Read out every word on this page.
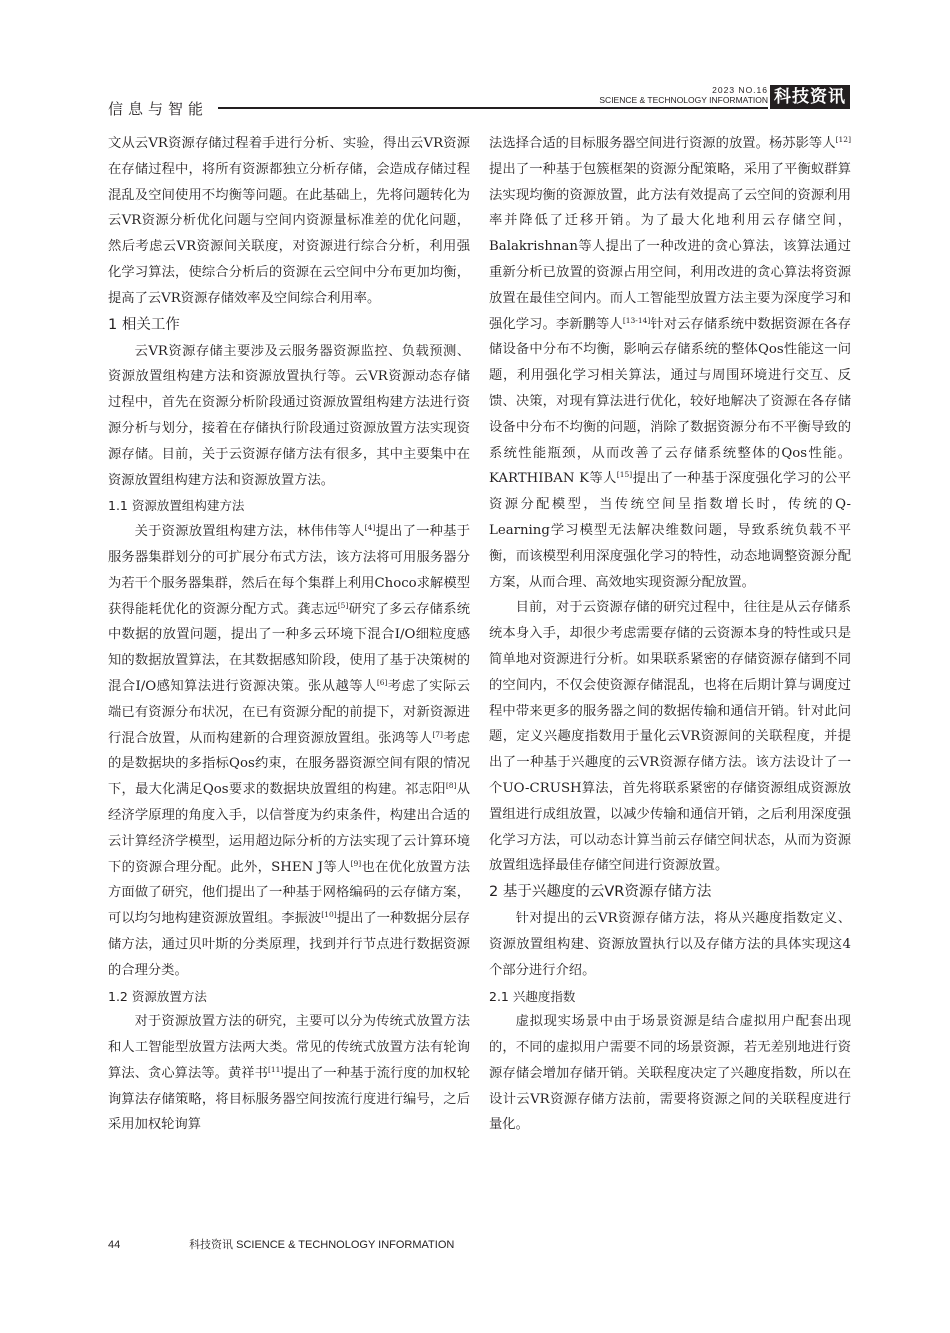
信息与智能
2023 NO.16
SCIENCE & TECHNOLOGY INFORMATION 科技资讯

文从云VR资源存储过程着手进行分析、实验，得出云VR资源在存储过程中，将所有资源都独立分析存储，会造成存储过程混乱及空间使用不均衡等问题。在此基础上，先将问题转化为云VR资源分析优化问题与空间内资源量标准差的优化问题，然后考虑云VR资源间关联度，对资源进行综合分析，利用强化学习算法，使综合分析后的资源在云空间中分布更加均衡，提高了云VR资源存储效率及空间综合利用率。

1 相关工作

云VR资源存储主要涉及云服务器资源监控、负载预测、资源放置组构建方法和资源放置执行等。云VR资源动态存储过程中，首先在资源分析阶段通过资源放置组构建方法进行资源分析与划分，接着在存储执行阶段通过资源放置方法实现资源存储。目前，关于云资源存储方法有很多，其中主要集中在资源放置组构建方法和资源放置方法。

1.1 资源放置组构建方法

关于资源放置组构建方法，林伟伟等人[4]提出了一种基于服务器集群划分的可扩展分布式方法，该方法将可用服务器分为若干个服务器集群，然后在每个集群上利用Choco求解模型获得能耗优化的资源分配方式。龚志远[5]研究了多云存储系统中数据的放置问题，提出了一种多云环境下混合I/O细粒度感知的数据放置算法，在其数据感知阶段，使用了基于决策树的混合I/O感知算法进行资源决策。张从越等人[6]考虑了实际云端已有资源分布状况，在已有资源分配的前提下，对新资源进行混合放置，从而构建新的合理资源放置组。张鸿等人[7]考虑的是数据块的多指标Qos约束，在服务器资源空间有限的情况下，最大化满足Qos要求的数据块放置组的构建。祁志阳[8]从经济学原理的角度入手，以信誉度为约束条件，构建出合适的云计算经济学模型，运用超边际分析的方法实现了云计算环境下的资源合理分配。此外，SHEN J等人[9]也在优化放置方法方面做了研究，他们提出了一种基于网格编码的云存储方案，可以均匀地构建资源放置组。李振波[10]提出了一种数据分层存储方法，通过贝叶斯的分类原理，找到并行节点进行数据资源的合理分类。

1.2 资源放置方法

对于资源放置方法的研究，主要可以分为传统式放置方法和人工智能型放置方法两大类。常见的传统式放置方法有轮询算法、贪心算法等。黄祥书[11]提出了一种基于流行度的加权轮询算法存储策略，将目标服务器空间按流行度进行编号，之后采用加权轮询算

法选择合适的目标服务器空间进行资源的放置。杨苏影等人[12]提出了一种基于包簇框架的资源分配策略，采用了平衡蚁群算法实现均衡的资源放置，此方法有效提高了云空间的资源利用率并降低了迁移开销。为了最大化地利用云存储空间，Balakrishnan等人提出了一种改进的贪心算法，该算法通过重新分析已放置的资源占用空间，利用改进的贪心算法将资源放置在最佳空间内。而人工智能型放置方法主要为深度学习和强化学习。李新鹏等人[13-14]针对云存储系统中数据资源在各存储设备中分布不均衡，影响云存储系统的整体Qos性能这一问题，利用强化学习相关算法，通过与周围环境进行交互、反馈、决策，对现有算法进行优化，较好地解决了资源在各存储设备中分布不均衡的问题，消除了数据资源分布不平衡导致的系统性能瓶颈，从而改善了云存储系统整体的Qos性能。KARTHIBAN K等人[15]提出了一种基于深度强化学习的公平资源分配模型，当传统空间呈指数增长时，传统的Q-Learning学习模型无法解决维数问题，导致系统负载不平衡，而该模型利用深度强化学习的特性，动态地调整资源分配方案，从而合理、高效地实现资源分配放置。

目前，对于云资源存储的研究过程中，往往是从云存储系统本身入手，却很少考虑需要存储的云资源本身的特性或只是简单地对资源进行分析。如果联系紧密的存储资源存储到不同的空间内，不仅会使资源存储混乱，也将在后期计算与调度过程中带来更多的服务器之间的数据传输和通信开销。针对此问题，定义兴趣度指数用于量化云VR资源间的关联程度，并提出了一种基于兴趣度的云VR资源存储方法。该方法设计了一个UO-CRUSH算法，首先将联系紧密的存储资源组成资源放置组进行成组放置，以减少传输和通信开销，之后利用深度强化学习方法，可以动态计算当前云存储空间状态，从而为资源放置组选择最佳存储空间进行资源放置。

2 基于兴趣度的云VR资源存储方法

针对提出的云VR资源存储方法，将从兴趣度指数定义、资源放置组构建、资源放置执行以及存储方法的具体实现这4个部分进行介绍。

2.1 兴趣度指数

虚拟现实场景中由于场景资源是结合虚拟用户配套出现的，不同的虚拟用户需要不同的场景资源，若无差别地进行资源存储会增加存储开销。关联程度决定了兴趣度指数，所以在设计云VR资源存储方法前，需要将资源之间的关联程度进行量化。

44	科技资讯 SCIENCE & TECHNOLOGY INFORMATION
